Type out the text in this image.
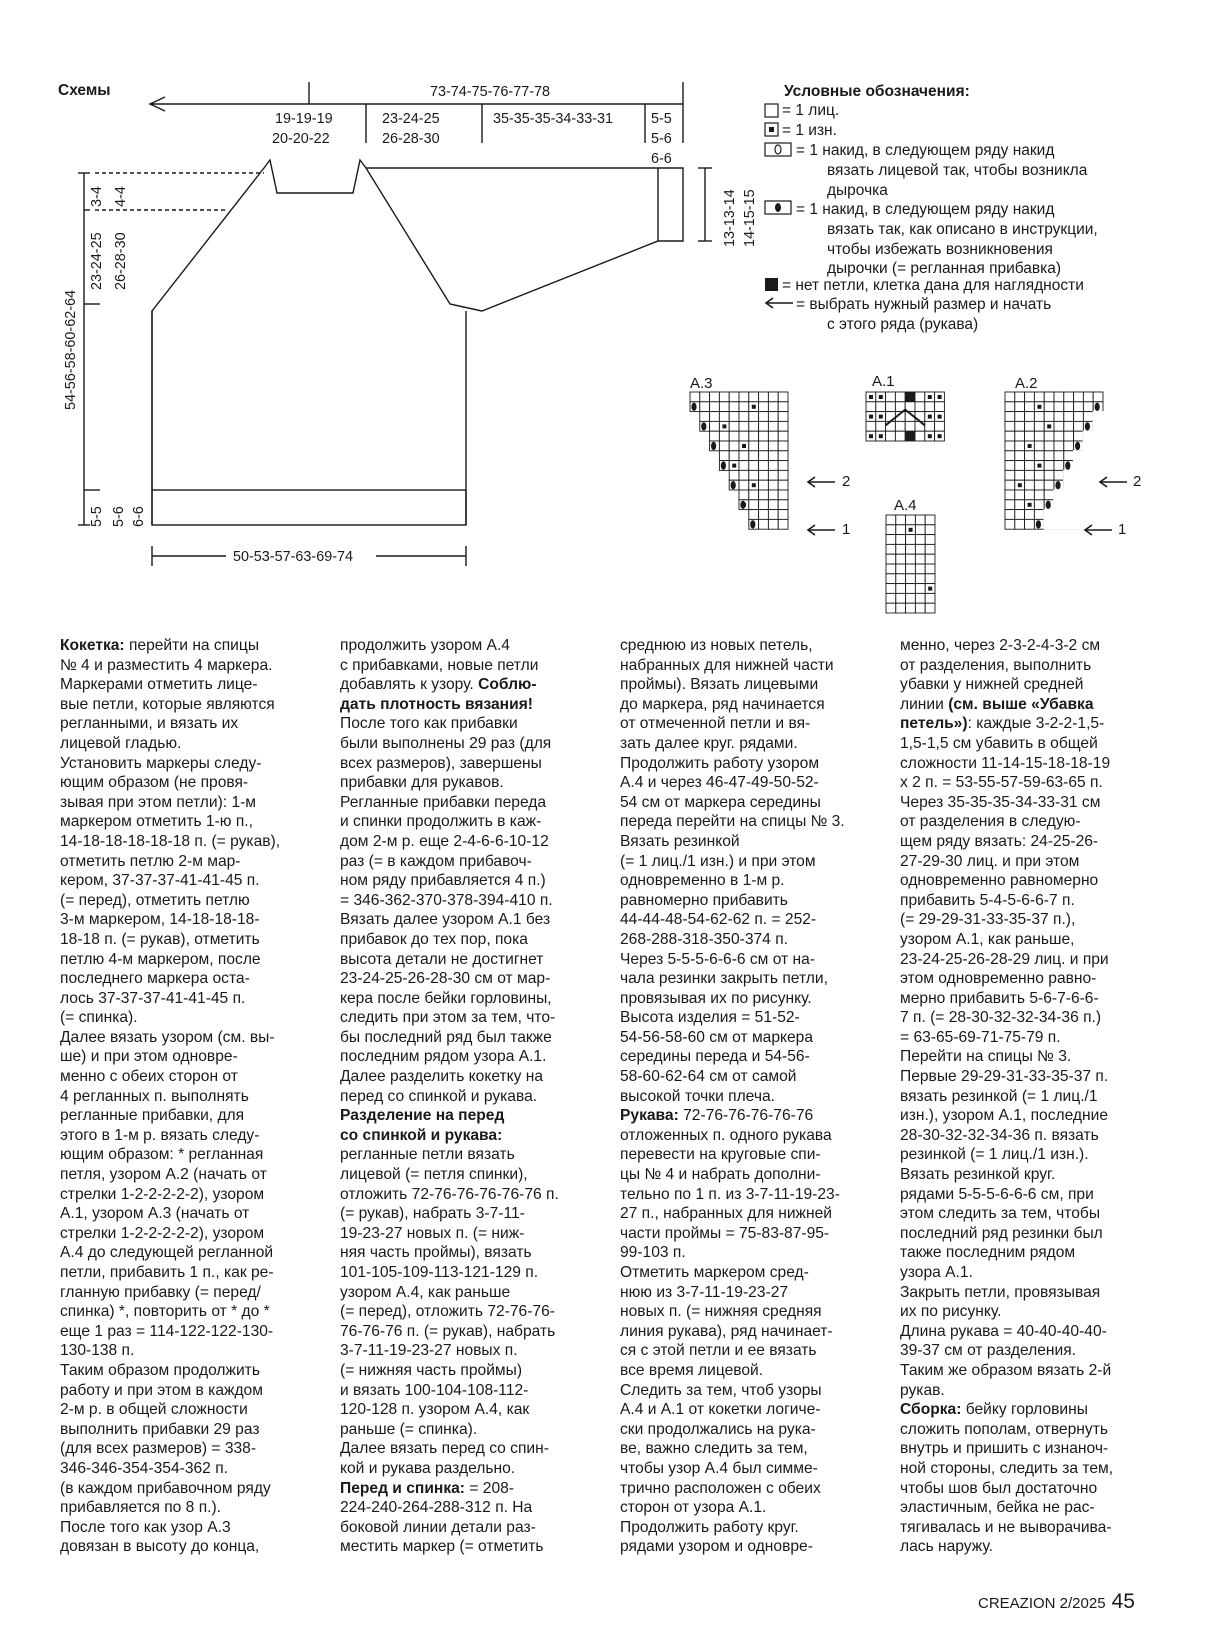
Схемы	73-74-75-76-77-78
19-19-19
20-20-22
23-24-25
26-28-30
35-35-35-34-33-31	5-5
5-6
6-6
54-56-58-60-62-64
3-4 4-4
23-24-25 26-28-30
5-5 5-6 6-6
13-13-14 14-15-15
50-53-57-63-69-74
Условные обозначения:
= 1 лиц.
= 1 изн.
= 1 накид, в следующем ряду накид
вязать лицевой так, чтобы возникла
дырочка
= 1 накид, в следующем ряду накид
вязать так, как описано в инструкции,
чтобы избежать возникновения
дырочки (= регланная прибавка)
= нет петли, клетка дана для наглядности
= выбрать нужный размер и начать
с этого ряда (рукава)
A.3	A.1	A.2
A.4
2
1
2
1

Кокетка: перейти на спицы

№ 4 и разместить 4 маркера.

Маркерами отметить лице-

вые петли, которые являются

регланными, и вязать их

лицевой гладью.

Установить маркеры следу-

ющим образом (не провя-

зывая при этом петли): 1-м

маркером отметить 1-ю п.,

14-18-18-18-18-18 п. (= рукав),

отметить петлю 2-м мар-

кером, 37-37-37-41-41-45 п.

(= перед), отметить петлю

3-м маркером, 14-18-18-18-

18-18 п. (= рукав), отметить

петлю 4-м маркером, после

последнего маркера оста-

лось 37-37-37-41-41-45 п.

(= спинка).

Далее вязать узором (см. вы-

ше) и при этом одновре-

менно с обеих сторон от

4 регланных п. выполнять

регланные прибавки, для

этого в 1-м р. вязать следу-

ющим образом: * регланная

петля, узором А.2 (начать от

стрелки 1-2-2-2-2-2), узором

А.1, узором А.3 (начать от

стрелки 1-2-2-2-2-2), узором

А.4 до следующей регланной

петли, прибавить 1 п., как ре-

гланную прибавку (= перед/

спинка) *, повторить от * до *

еще 1 раз = 114-122-122-130-

130-138 п.

Таким образом продолжить

работу и при этом в каждом

2-м р. в общей сложности

выполнить прибавки 29 раз

(для всех размеров) = 338-

346-346-354-354-362 п.

(в каждом прибавочном ряду

прибавляется по 8 п.).

После того как узор А.3

довязан в высоту до конца,

продолжить узором А.4

с прибавками, новые петли

добавлять к узору. Соблю-

дать плотность вязания!

После того как прибавки

были выполнены 29 раз (для

всех размеров), завершены

прибавки для рукавов.

Регланные прибавки переда

и спинки продолжить в каж-

дом 2-м р. еще 2-4-6-6-10-12

раз (= в каждом прибавоч-

ном ряду прибавляется 4 п.)

= 346-362-370-378-394-410 п.

Вязать далее узором А.1 без

прибавок до тех пор, пока

высота детали не достигнет

23-24-25-26-28-30 см от мар-

кера после бейки горловины,

следить при этом за тем, что-

бы последний ряд был также

последним рядом узора А.1.

Далее разделить кокетку на

перед со спинкой и рукава.

Разделение на перед

со спинкой и рукава:

регланные петли вязать

лицевой (= петля спинки),

отложить 72-76-76-76-76-76 п.

(= рукав), набрать 3-7-11-

19-23-27 новых п. (= ниж-

няя часть проймы), вязать

101-105-109-113-121-129 п.

узором А.4, как раньше

(= перед), отложить 72-76-76-

76-76-76 п. (= рукав), набрать

3-7-11-19-23-27 новых п.

(= нижняя часть проймы)

и вязать 100-104-108-112-

120-128 п. узором А.4, как

раньше (= спинка).

Далее вязать перед со спин-

кой и рукава раздельно.

Перед и спинка: = 208-

224-240-264-288-312 п. На

боковой линии детали раз-

местить маркер (= отметить

среднюю из новых петель,

набранных для нижней части

проймы). Вязать лицевыми

до маркера, ряд начинается

от отмеченной петли и вя-

зать далее круг. рядами.

Продолжить работу узором

А.4 и через 46-47-49-50-52-

54 см от маркера середины

переда перейти на спицы № 3.

Вязать резинкой

(= 1 лиц./1 изн.) и при этом

одновременно в 1-м р.

равномерно прибавить

44-44-48-54-62-62 п. = 252-

268-288-318-350-374 п.

Через 5-5-5-6-6-6 см от на-

чала резинки закрыть петли,

провязывая их по рисунку.

Высота изделия = 51-52-

54-56-58-60 см от маркера

середины переда и 54-56-

58-60-62-64 см от самой

высокой точки плеча.

Рукава: 72-76-76-76-76-76

отложенных п. одного рукава

перевести на круговые спи-

цы № 4 и набрать дополни-

тельно по 1 п. из 3-7-11-19-23-

27 п., набранных для нижней

части проймы = 75-83-87-95-

99-103 п.

Отметить маркером сред-

нюю из 3-7-11-19-23-27

новых п. (= нижняя средняя

линия рукава), ряд начинает-

ся с этой петли и ее вязать

все время лицевой.

Следить за тем, чтоб узоры

А.4 и А.1 от кокетки логиче-

ски продолжались на рука-

ве, важно следить за тем,

чтобы узор А.4 был симме-

трично расположен с обеих

сторон от узора А.1.

Продолжить работу круг.

рядами узором и одновре-

менно, через 2-3-2-4-3-2 см

от разделения, выполнить

убавки у нижней средней

линии (см. выше «Убавка

петель»): каждые 3-2-2-1,5-

1,5-1,5 см убавить в общей

сложности 11-14-15-18-18-19

х 2 п. = 53-55-57-59-63-65 п.

Через 35-35-35-34-33-31 см

от разделения в следую-

щем ряду вязать: 24-25-26-

27-29-30 лиц. и при этом

одновременно равномерно

прибавить 5-4-5-6-6-7 п.

(= 29-29-31-33-35-37 п.),

узором А.1, как раньше,

23-24-25-26-28-29 лиц. и при

этом одновременно равно-

мерно прибавить 5-6-7-6-6-

7 п. (= 28-30-32-32-34-36 п.)

= 63-65-69-71-75-79 п.

Перейти на спицы № 3.

Первые 29-29-31-33-35-37 п.

вязать резинкой (= 1 лиц./1

изн.), узором А.1, последние

28-30-32-32-34-36 п. вязать

резинкой (= 1 лиц./1 изн.).

Вязать резинкой круг.

рядами 5-5-5-6-6-6 см, при

этом следить за тем, чтобы

последний ряд резинки был

также последним рядом

узора А.1.

Закрыть петли, провязывая

их по рисунку.

Длина рукава = 40-40-40-40-

39-37 см от разделения.

Таким же образом вязать 2-й

рукав.

Сборка: бейку горловины

сложить пополам, отвернуть

внутрь и пришить с изнаноч-

ной стороны, следить за тем,

чтобы шов был достаточно

эластичным, бейка не рас-

тягивалась и не выворачива-

лась наружу.

CREAZION 2/2025 45
